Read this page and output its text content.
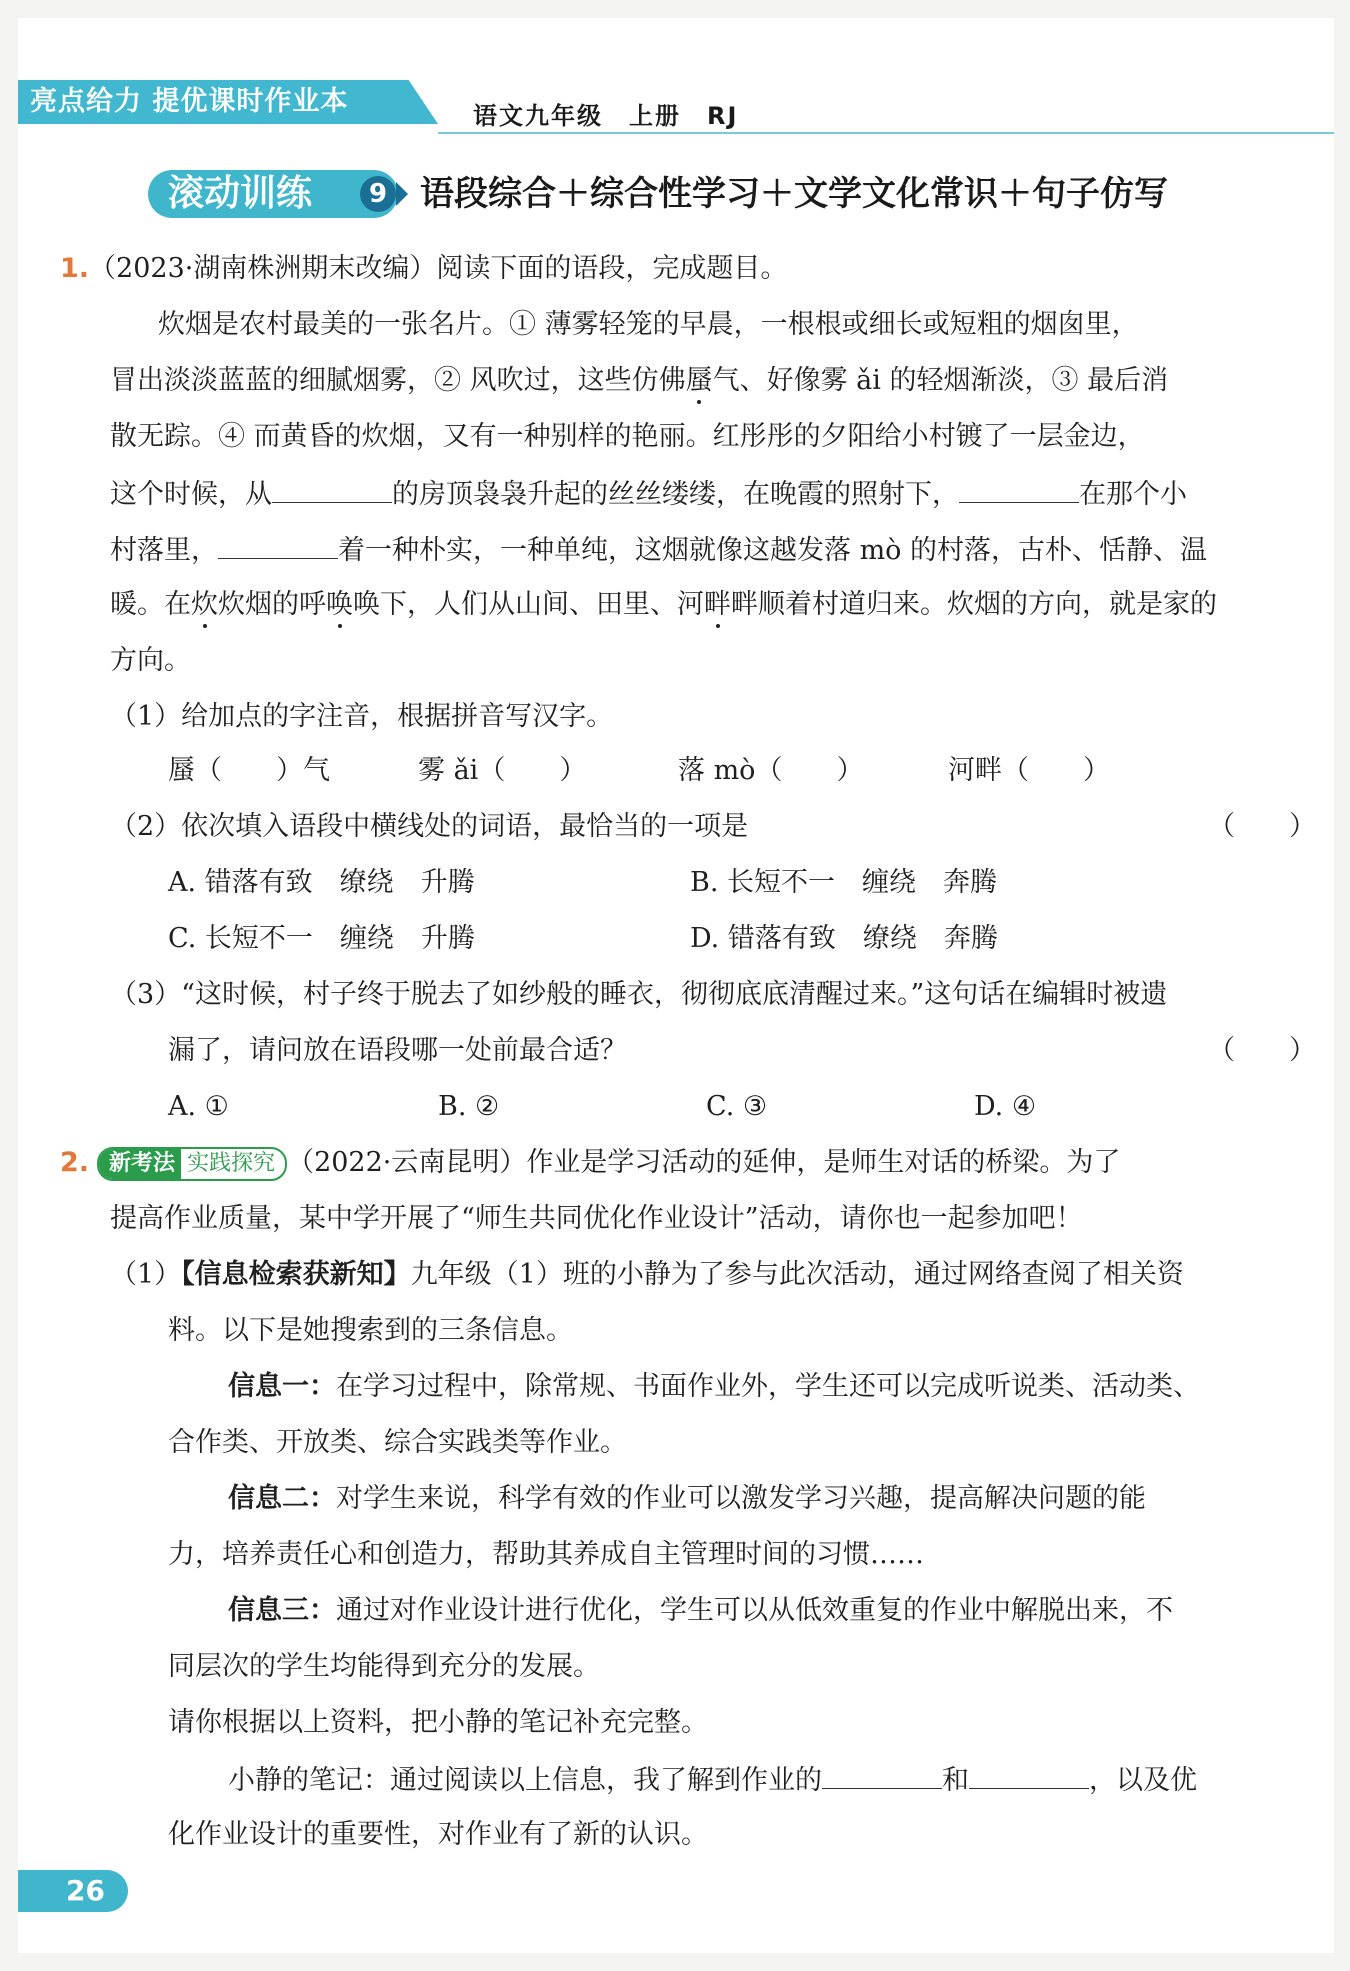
亮点给力 提优课时作业本	语文九年级　上册　RJ
滚动训练	9 语段综合＋综合性学习＋文学文化常识＋句子仿写
1.（2023·湖南株洲期末改编）阅读下面的语段，完成题目。
炊烟是农村最美的一张名片。① 薄雾轻笼的早晨，一根根或细长或短粗的烟囱里，
冒出淡淡蓝蓝的细腻烟雾，② 风吹过，这些仿佛蜃气、好像雾 ǎi 的轻烟渐淡，③ 最后消
散无踪。④ 而黄昏的炊烟，又有一种别样的艳丽。红彤彤的夕阳给小村镀了一层金边，
这个时候，从	的房顶袅袅升起的丝丝缕缕，在晚霞的照射下，	在那个小
村落里，	着一种朴实，一种单纯，这烟就像这越发落 mò 的村落，古朴、恬静、温
暖。在炊炊烟的呼唤唤下，人们从山间、田里、河畔畔顺着村道归来。炊烟的方向，就是家的
方向。
（1）给加点的字注音，根据拼音写汉字。
蜃（　　）气	雾 ǎi（　　）	落 mò（　　）	河畔（　　）
（2）依次填入语段中横线处的词语，最恰当的一项是	（　　）
A. 错落有致　缭绕　升腾	B. 长短不一　缠绕　奔腾
C. 长短不一　缠绕　升腾	D. 错落有致　缭绕　奔腾
（3）“这时候，村子终于脱去了如纱般的睡衣，彻彻底底清醒过来。”这句话在编辑时被遗
漏了，请问放在语段哪一处前最合适？	（　　）
A. ①	B. ②	C. ③	D. ④
2. 新考法 实践探究 （2022·云南昆明）作业是学习活动的延伸，是师生对话的桥梁。为了
提高作业质量，某中学开展了“师生共同优化作业设计”活动，请你也一起参加吧！
（1）【信息检索获新知】九年级（1）班的小静为了参与此次活动，通过网络查阅了相关资
料。以下是她搜索到的三条信息。
信息一：在学习过程中，除常规、书面作业外，学生还可以完成听说类、活动类、
合作类、开放类、综合实践类等作业。
信息二：对学生来说，科学有效的作业可以激发学习兴趣，提高解决问题的能
力，培养责任心和创造力，帮助其养成自主管理时间的习惯……
信息三：通过对作业设计进行优化，学生可以从低效重复的作业中解脱出来，不
同层次的学生均能得到充分的发展。
请你根据以上资料，把小静的笔记补充完整。
小静的笔记：通过阅读以上信息，我了解到作业的	和	，以及优
化作业设计的重要性，对作业有了新的认识。
26
